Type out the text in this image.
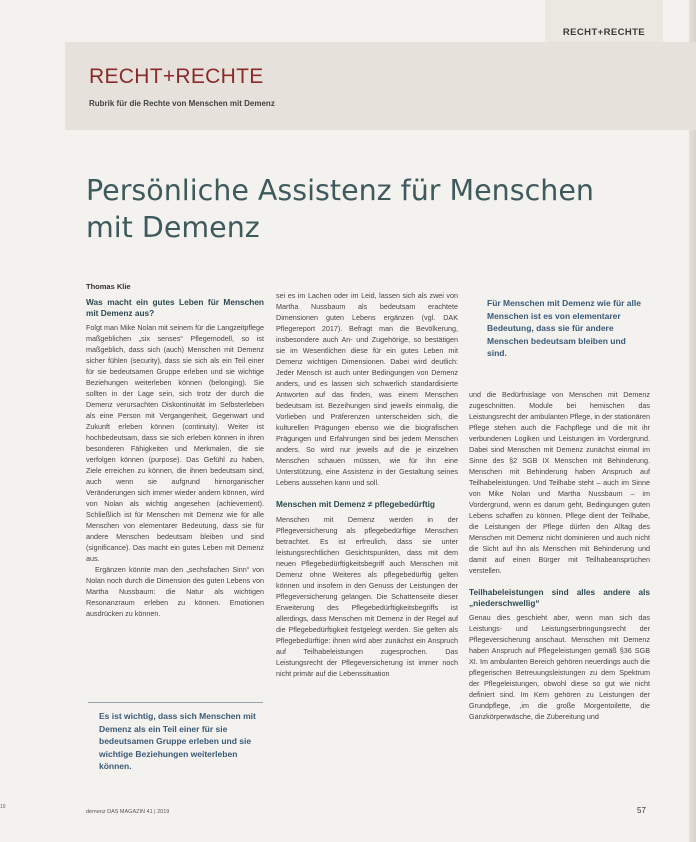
RECHT+RECHTE
RECHT+RECHTE
Rubrik für die Rechte von Menschen mit Demenz
Persönliche Assistenz für Menschen mit Demenz
Thomas Klie
Was macht ein gutes Leben für Menschen mit Demenz aus?

Folgt man Mike Nolan mit seinem für die Langzeitpflege maßgeblichen „six senses“ Pflegemodell, so ist maßgeblich, dass sich (auch) Menschen mit Demenz sicher fühlen (security), dass sie sich als ein Teil einer für sie bedeutsamen Gruppe erleben und sie wichtige Beziehungen weiterleben können (belonging). Sie sollten in der Lage sein, sich trotz der durch die Demenz verursachten Diskontinuität im Selbsterleben als eine Person mit Vergangenheit, Gegenwart und Zukunft erleben können (continuity). Weiter ist hochbedeutsam, dass sie sich erleben können in ihren besonderen Fähigkeiten und Merkmalen, die sie verfolgen können (purpose). Das Gefühl zu haben, Ziele erreichen zu können, die ihnen bedeutsam sind, auch wenn sie aufgrund hirnorganischer Veränderungen sich immer wieder andern können, wird von Nolan als wichtig angesehen (achievement). Schließlich ist für Menschen mit Demenz wie für alle Menschen von elementarer Bedeutung, dass sie für andere Menschen bedeutsam bleiben und sind (significance). Das macht ein gutes Leben mit Demenz aus.

Ergänzen könnte man den „sechsfachen Sinn“ von Nolan noch durch die Dimension des guten Lebens von Martha Nussbaum: die Natur als wichtigen Resonanzraum erleben zu können. Emotionen ausdrücken zu können.

Es ist wichtig, dass sich Menschen mit Demenz als ein Teil einer für sie bedeutsamen Gruppe erleben und sie wichtige Beziehungen weiterleben können.

sei es im Lachen oder im Leid, lassen sich als zwei von Martha Nussbaum als bedeutsam erachtete Dimensionen guten Lebens ergänzen (vgl. DAK Pflegereport 2017). Befragt man die Bevölkerung, insbesondere auch An- und Zugehörige, so bestätigen sie im Wesentlichen diese für ein gutes Leben mit Demenz wichtigen Dimensionen. Dabei wird deutlich: Jeder Mensch ist auch unter Bedingungen von Demenz anders, und es lassen sich schwerlich standardisierte Antworten auf das finden, was einem Menschen bedeutsam ist. Bezeihungen sind jeweils einmalig, die Vorlieben und Präferenzen unterscheiden sich, die kulturellen Prägungen ebenso wie die biografischen Prägungen und Erfahrungen sind bei jedem Menschen anders. So wird nur jeweils auf die je einzelnen Menschen schauen müssen, wie für ihn eine Unterstützung, eine Assistenz in der Gestaltung seines Lebens aussehen kann und soll.

Menschen mit Demenz ≠ pflegebedürftig

Menschen mit Demenz werden in der Pflegeversicherung als pflegebedürftige Menschen betrachtet. Es ist erfreulich, dass sie unter leistungsrechtlichen Gesichtspunkten, dass mit dem neuen Pflegebedürftigkeitsbegriff auch Menschen mit Demenz ohne Weiteres als pflegebedürftig gelten können und insofern in den Genuss der Leistungen der Pflegeversicherung gelangen. Die Schattenseite dieser Erweiterung des Pflegebedürftigkeitsbegriffs ist allerdings, dass Menschen mit Demenz in der Regel auf die Pflegebedürftigkeit festgelegt werden. Sie gelten als Pflegebedürftige: ihnen wird aber zunächst ein Anspruch auf Teilhabeleistungen zugesprochen. Das Leistungsrecht der Pflegeversicherung ist immer noch nicht primär auf die Lebenssituation

Für Menschen mit Demenz wie für alle Menschen ist es von elementarer Bedeutung, dass sie für andere Menschen bedeutsam bleiben und sind.

und die Bedürfnislage von Menschen mit Demenz zugeschnitten. Module bei hemischen das Leistungsrecht der ambulanten Pflege, in der stationären Pflege stehen auch die Fachpflege und die mit ihr verbundenen Logiken und Leistungen im Vordergrund. Dabei sind Menschen mit Demenz zunächst einmal im Sinne des §2 SGB IX Menschen mit Behinderung. Menschen mit Behinderung haben Anspruch auf Teilhabeleistungen. Und Teilhabe steht – auch im Sinne von Mike Nolan und Martha Nussbaum – im Vordergrund, wenn es darum geht, Bedingungen guten Lebens schaffen zu können. Pflege dient der Teilhabe, die Leistungen der Pflege dürfen den Alltag des Menschen mit Demenz nicht dominieren und auch nicht die Sicht auf ihn als Menschen mit Behinderung und damit auf einen Bürger mit Teilhabeansprüchen verstellen.

Teilhabeleistungen sind alles andere als „niederschwellig“

Genau dies geschieht aber, wenn man sich das Leistungs- und Leistungserbringungsrecht der Pflegeversicherung anschaut. Menschen mit Demenz haben Anspruch auf Pflegeleistungen gemäß §36 SGB XI. Im ambulanten Bereich gehören neuerdings auch die pflegerischen Betreuungsleistungen zu dem Spektrum der Pflegeleistungen, obwohl diese so gut wie nicht definiert sind. Im Kern gehören zu Leistungen der Grundpflege, ,im die große Morgentoilette, die Ganzkörperwäsche, die Zubereitung und

demenz DAS MAGAZIN 41 | 2019	57
19
